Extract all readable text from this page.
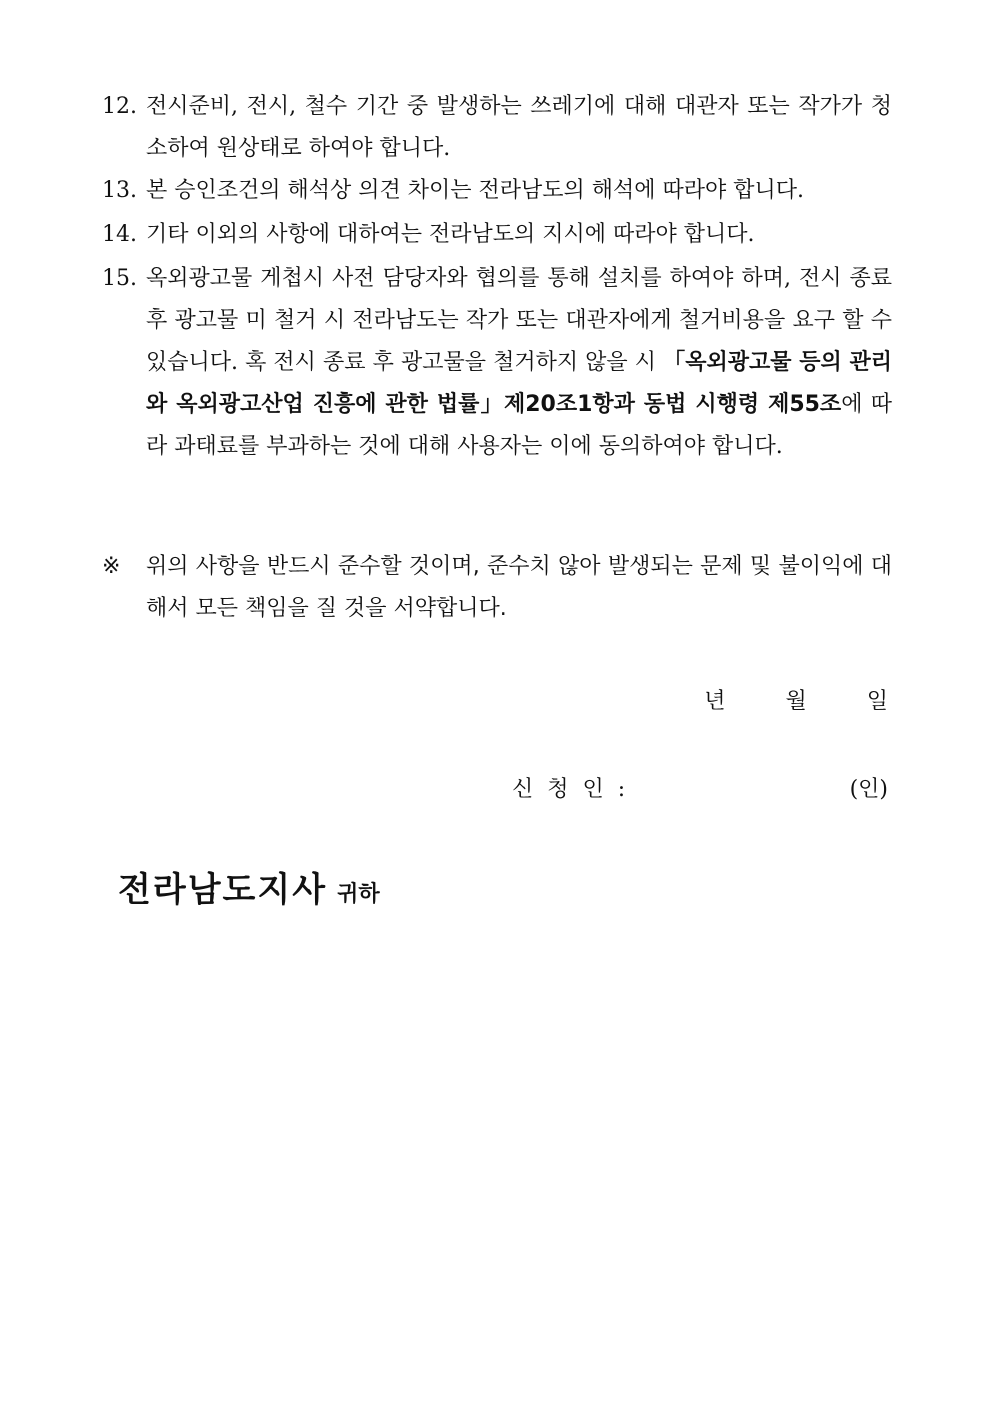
12. 전시준비, 전시, 철수 기간 중 발생하는 쓰레기에 대해 대관자 또는 작가가 청소하여 원상태로 하여야 합니다.
13. 본 승인조건의 해석상 의견 차이는 전라남도의 해석에 따라야 합니다.
14. 기타 이외의 사항에 대하여는 전라남도의 지시에 따라야 합니다.
15. 옥외광고물 게첩시 사전 담당자와 협의를 통해 설치를 하여야 하며, 전시 종료 후 광고물 미 철거 시 전라남도는 작가 또는 대관자에게 철거비용을 요구 할 수 있습니다. 혹 전시 종료 후 광고물을 철거하지 않을 시 「옥외광고물 등의 관리와 옥외광고산업 진흥에 관한 법률」제20조1항과 동법 시행령 제55조에 따라 과태료를 부과하는 것에 대해 사용자는 이에 동의하여야 합니다.
※	위의 사항을 반드시 준수할 것이며, 준수치 않아 발생되는 문제 및 불이익에 대해서 모든 책임을 질 것을 서약합니다.
년	월	일
신청인:	(인)
전라남도지사 귀하
